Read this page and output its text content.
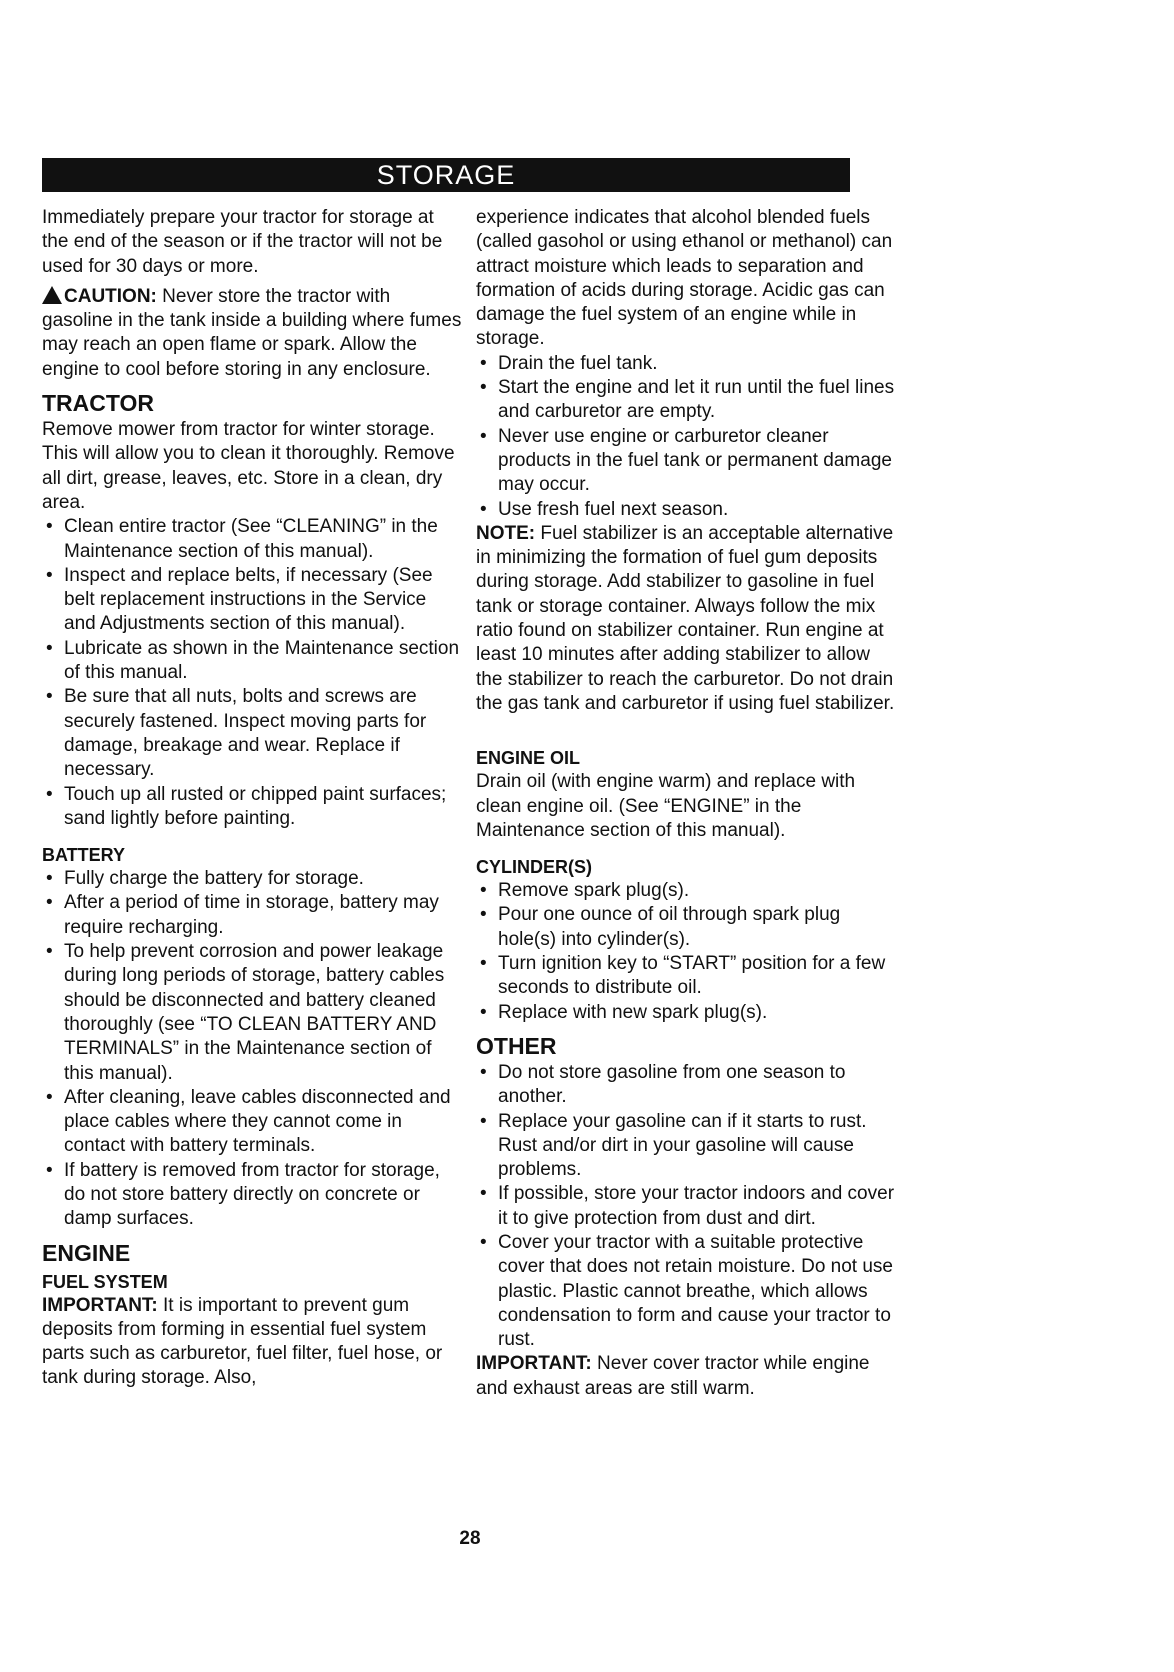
STORAGE

Immediately prepare your tractor for storage at the end of the season or if the tractor will not be used for 30 days or more.

CAUTION: Never store the tractor with gasoline in the tank inside a building where fumes may reach an open flame or spark. Allow the engine to cool before storing in any enclosure.

TRACTOR

Remove mower from tractor for winter storage. This will allow you to clean it thoroughly. Remove all dirt, grease, leaves, etc. Store in a clean, dry area.

• Clean entire tractor (See “CLEANING” in the Maintenance section of this manual).
• Inspect and replace belts, if necessary (See belt replacement instructions in the Service and Adjustments section of this manual).
• Lubricate as shown in the Maintenance section of this manual.
• Be sure that all nuts, bolts and screws are securely fastened. Inspect moving parts for damage, breakage and wear. Replace if necessary.
• Touch up all rusted or chipped paint surfaces; sand lightly before painting.
BATTERY
• Fully charge the battery for storage.
• After a period of time in storage, battery may require recharging.
• To help prevent corrosion and power leakage during long periods of storage, battery cables should be disconnected and battery cleaned thoroughly (see “TO CLEAN BATTERY AND TERMINALS” in the Maintenance section of this manual).
• After cleaning, leave cables disconnected and place cables where they cannot come in contact with battery terminals.
• If battery is removed from tractor for storage, do not store battery directly on concrete or damp surfaces.
ENGINE
FUEL SYSTEM

IMPORTANT: It is important to prevent gum deposits from forming in essential fuel system parts such as carburetor, fuel filter, fuel hose, or tank during storage. Also,

experience indicates that alcohol blended fuels (called gasohol or using ethanol or methanol) can attract moisture which leads to separation and formation of acids during storage. Acidic gas can damage the fuel system of an engine while in storage.

• Drain the fuel tank.
• Start the engine and let it run until the fuel lines and carburetor are empty.
• Never use engine or carburetor cleaner products in the fuel tank or permanent damage may occur.
• Use fresh fuel next season.

NOTE: Fuel stabilizer is an acceptable alternative in minimizing the formation of fuel gum deposits during storage. Add stabilizer to gasoline in fuel tank or storage container. Always follow the mix ratio found on stabilizer container. Run engine at least 10 minutes after adding stabilizer to allow the stabilizer to reach the carburetor. Do not drain the gas tank and carburetor if using fuel stabilizer.

ENGINE OIL

Drain oil (with engine warm) and replace with clean engine oil. (See “ENGINE” in the Maintenance section of this manual).

CYLINDER(S)
• Remove spark plug(s).
• Pour one ounce of oil through spark plug hole(s) into cylinder(s).
• Turn ignition key to “START” position for a few seconds to distribute oil.
• Replace with new spark plug(s).
OTHER
• Do not store gasoline from one season to another.
• Replace your gasoline can if it starts to rust. Rust and/or dirt in your gasoline will cause problems.
• If possible, store your tractor indoors and cover it to give protection from dust and dirt.
• Cover your tractor with a suitable protective cover that does not retain moisture. Do not use plastic. Plastic cannot breathe, which allows condensation to form and cause your tractor to rust.

IMPORTANT: Never cover tractor while engine and exhaust areas are still warm.

28
